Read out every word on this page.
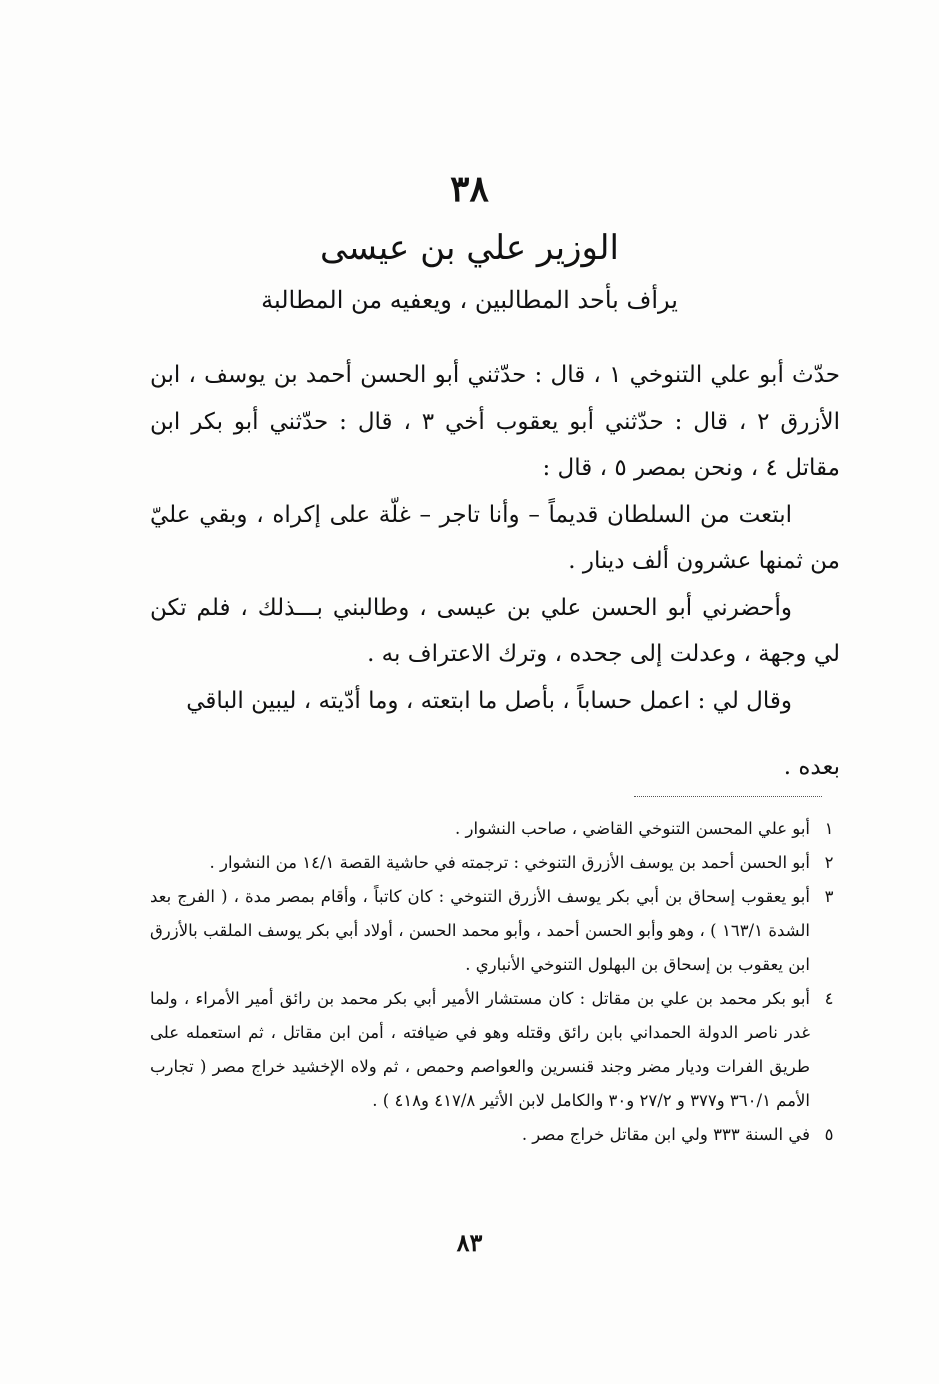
٣٨
الوزير علي بن عيسى
يرأف بأحد المطالبين ، ويعفيه من المطالبة

حدّث أبو علي التنوخي ١ ، قال : حدّثني أبو الحسن أحمد بن يوسف ، ابن الأزرق ٢ ، قال : حدّثني أبو يعقوب أخي ٣ ، قال : حدّثني أبو بكر ابن مقاتل ٤ ، ونحن بمصر ٥ ، قال :

ابتعت من السلطان قديماً – وأنا تاجر – غلّة على إكراه ، وبقي عليّ من ثمنها عشرون ألف دينار .

وأحضرني أبو الحسن علي بن عيسى ، وطالبني بـــذلك ، فلم تكن لي وجهة ، وعدلت إلى جحده ، وترك الاعتراف به .

وقال لي : اعمل حساباً ، بأصل ما ابتعته ، وما أدّيته ، ليبين الباقي

بعده .

١
أبو علي المحسن التنوخي القاضي ، صاحب النشوار .
٢
أبو الحسن أحمد بن يوسف الأزرق التنوخي : ترجمته في حاشية القصة ١٤/١ من النشوار .
٣
أبو يعقوب إسحاق بن أبي بكر يوسف الأزرق التنوخي : كان كاتباً ، وأقام بمصر مدة ، ( الفرج بعد الشدة ١٦٣/١ ) ، وهو وأبو الحسن أحمد ، وأبو محمد الحسن ، أولاد أبي بكر يوسف الملقب بالأزرق ابن يعقوب بن إسحاق بن البهلول التنوخي الأنباري .
٤
أبو بكر محمد بن علي بن مقاتل : كان مستشار الأمير أبي بكر محمد بن رائق أمير الأمراء ، ولما غدر ناصر الدولة الحمداني بابن رائق وقتله وهو في ضيافته ، أمن ابن مقاتل ، ثم استعمله على طريق الفرات وديار مضر وجند قنسرين والعواصم وحمص ، ثم ولاه الإخشيد خراج مصر ( تجارب الأمم ٣٦٠/١ و٣٧٧ و ٢٧/٢ و٣٠ والكامل لابن الأثير ٤١٧/٨ و٤١٨ ) .
٥
في السنة ٣٣٣ ولي ابن مقاتل خراج مصر .
٨٣
